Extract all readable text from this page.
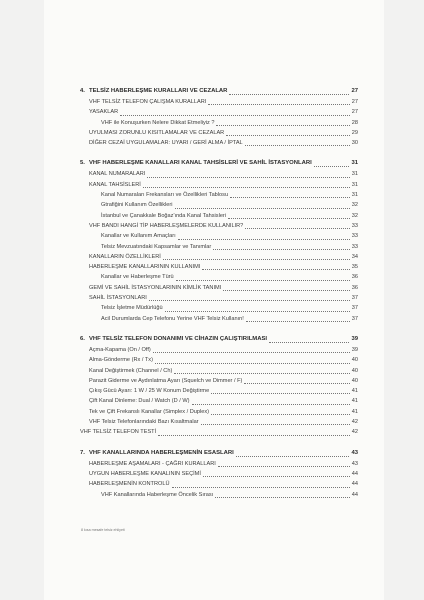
4. TELSİZ HABERLEŞME KURALLARI VE CEZALAR	27
VHF TELSİZ TELEFON ÇALIŞMA KURALLARI	27
YASAKLAR	27
VHF ile Konuşurken Nelere Dikkat Etmeliyiz ?	28
UYULMASI ZORUNLU KISITLAMALAR VE CEZALAR	29
DİĞER CEZAİ UYGULAMALAR: UYARI / GERİ ALMA / İPTAL	30
5. VHF HABERLEŞME KANALLARI KANAL TAHSİSLERİ VE SAHİL İSTASYONLARI	31
KANAL NUMARALARI	31
KANAL TAHSİSLERİ	31
Kanal Numaraları Frekansları ve Özellikleri Tablosu	31
Gtrafiğini Kullanım Özellikleri	32
İstanbul ve Çanakkale Boğaz'ında Kanal Tahsisleri	32
VHF BANDI HANGİ TİP HABERLEŞMELERDE KULLANILIR?	33
Kanallar ve Kullanım Amaçları	33
Telsiz Mevzuatındaki Kapsamlar ve Tanımlar	33
KANALLARIN ÖZELLİKLERİ	34
HABERLEŞME KANALLARININ KULLANIMI	35
Kanallar ve Haberleşme Türü	36
GEMİ VE SAHİL İSTASYONLARININ KİMLİK TANIMI	36
SAHİL İSTASYONLARI	37
Telsiz İşletme Müdürlüğü	37
Acil Durumlarda Cep Telefonu Yerine VHF Telsiz Kullanın!	37
6. VHF TELSİZ TELEFON DONANIMI VE CİHAZIN ÇALIŞTIRILMASI	39
Açma-Kapama (On / Off)	39
Alma-Gönderme (Rx / Tx)	40
Kanal Değiştirmek (Channel / Ch)	40
Parazit Giderme ve Aydınlatma Ayarı (Squelch ve Dimmer / F)	40
Çıkış Gücü Ayarı: 1 W / 25 W Konum Değiştirme	41
Çift Kanal Dinleme: Dual / Watch (D / W)	41
Tek ve Çift Frekanslı Kanallar (Simplex / Duplex)	41
VHF Telsiz Telefonlarındaki Bazı Kısaltmalar	42
VHF TELSİZ TELEFON TESTİ	42
7. VHF KANALLARINDA HABERLEŞMENİN ESASLARI	43
HABERLEŞME AŞAMALARI - ÇAĞRI KURALLARI	43
UYGUN HABERLEŞME KANALININ SEÇİMİ	44
HABERLEŞMENİN KONTROLÜ	44
VHF Kanallarında Haberleşme Öncelik Sırası	44
8 kısa mesafe telsiz ehliyeti
